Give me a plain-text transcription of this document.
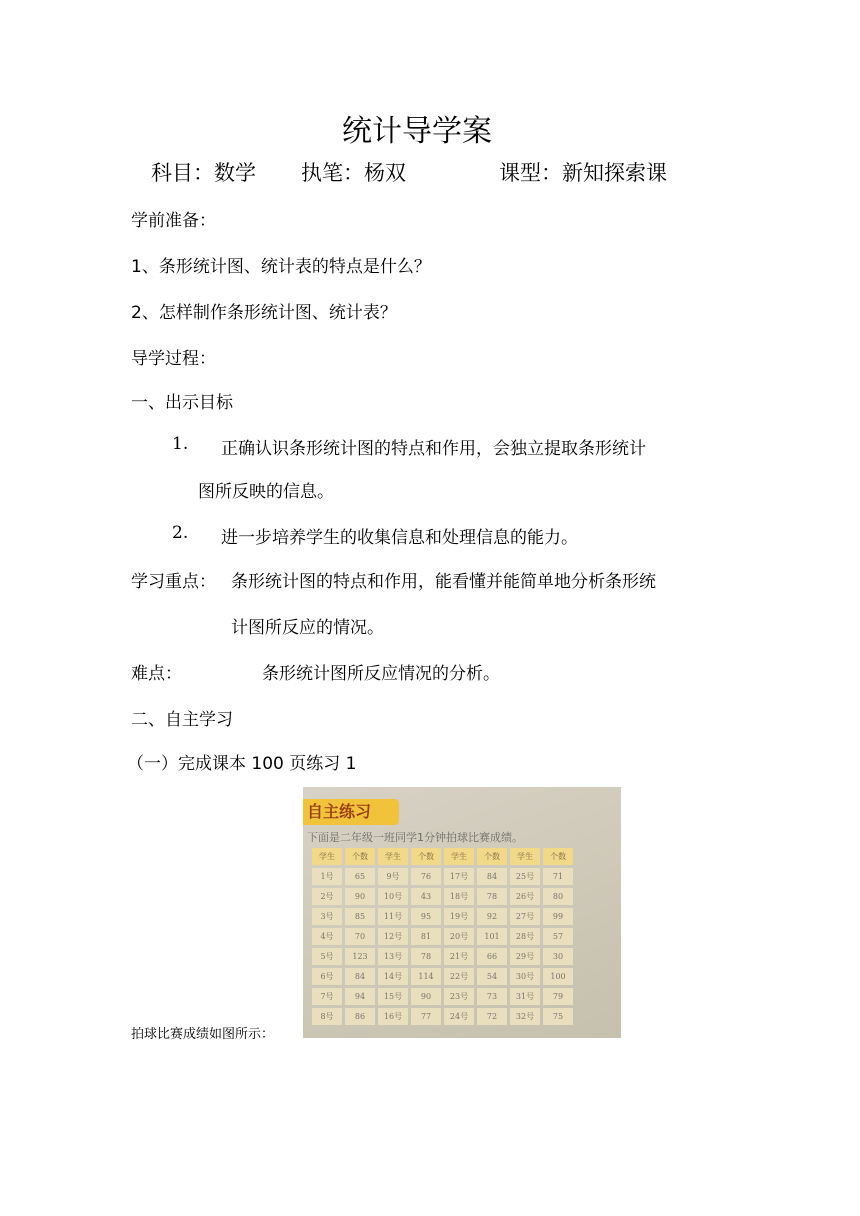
统计导学案
科目：数学 执笔：杨双	课型：新知探索课
学前准备：
1、条形统计图、统计表的特点是什么？
2、怎样制作条形统计图、统计表？
导学过程：
一、出示目标
1. 正确认识条形统计图的特点和作用，会独立提取条形统计
图所反映的信息。
2. 进一步培养学生的收集信息和处理信息的能力。
学习重点： 条形统计图的特点和作用，能看懂并能简单地分析条形统
计图所反应的情况。
难点：	条形统计图所反应情况的分析。
二、自主学习
（一）完成课本 100 页练习 1
拍球比赛成绩如图所示：
自主练习
下面是二年级一班同学1分钟拍球比赛成绩。
学生	个数	学生	个数	学生	个数	学生	个数
1号	65	9号	76	17号	84	25号	71
2号	90	10号	43	18号	78	26号	80
3号	85	11号	95	19号	92	27号	99
4号	70	12号	81	20号	101	28号	57
5号	123	13号	78	21号	66	29号	30
6号	84	14号	114	22号	54	30号	100
7号	94	15号	90	23号	73	31号	79
8号	86	16号	77	24号	72	32号	75
